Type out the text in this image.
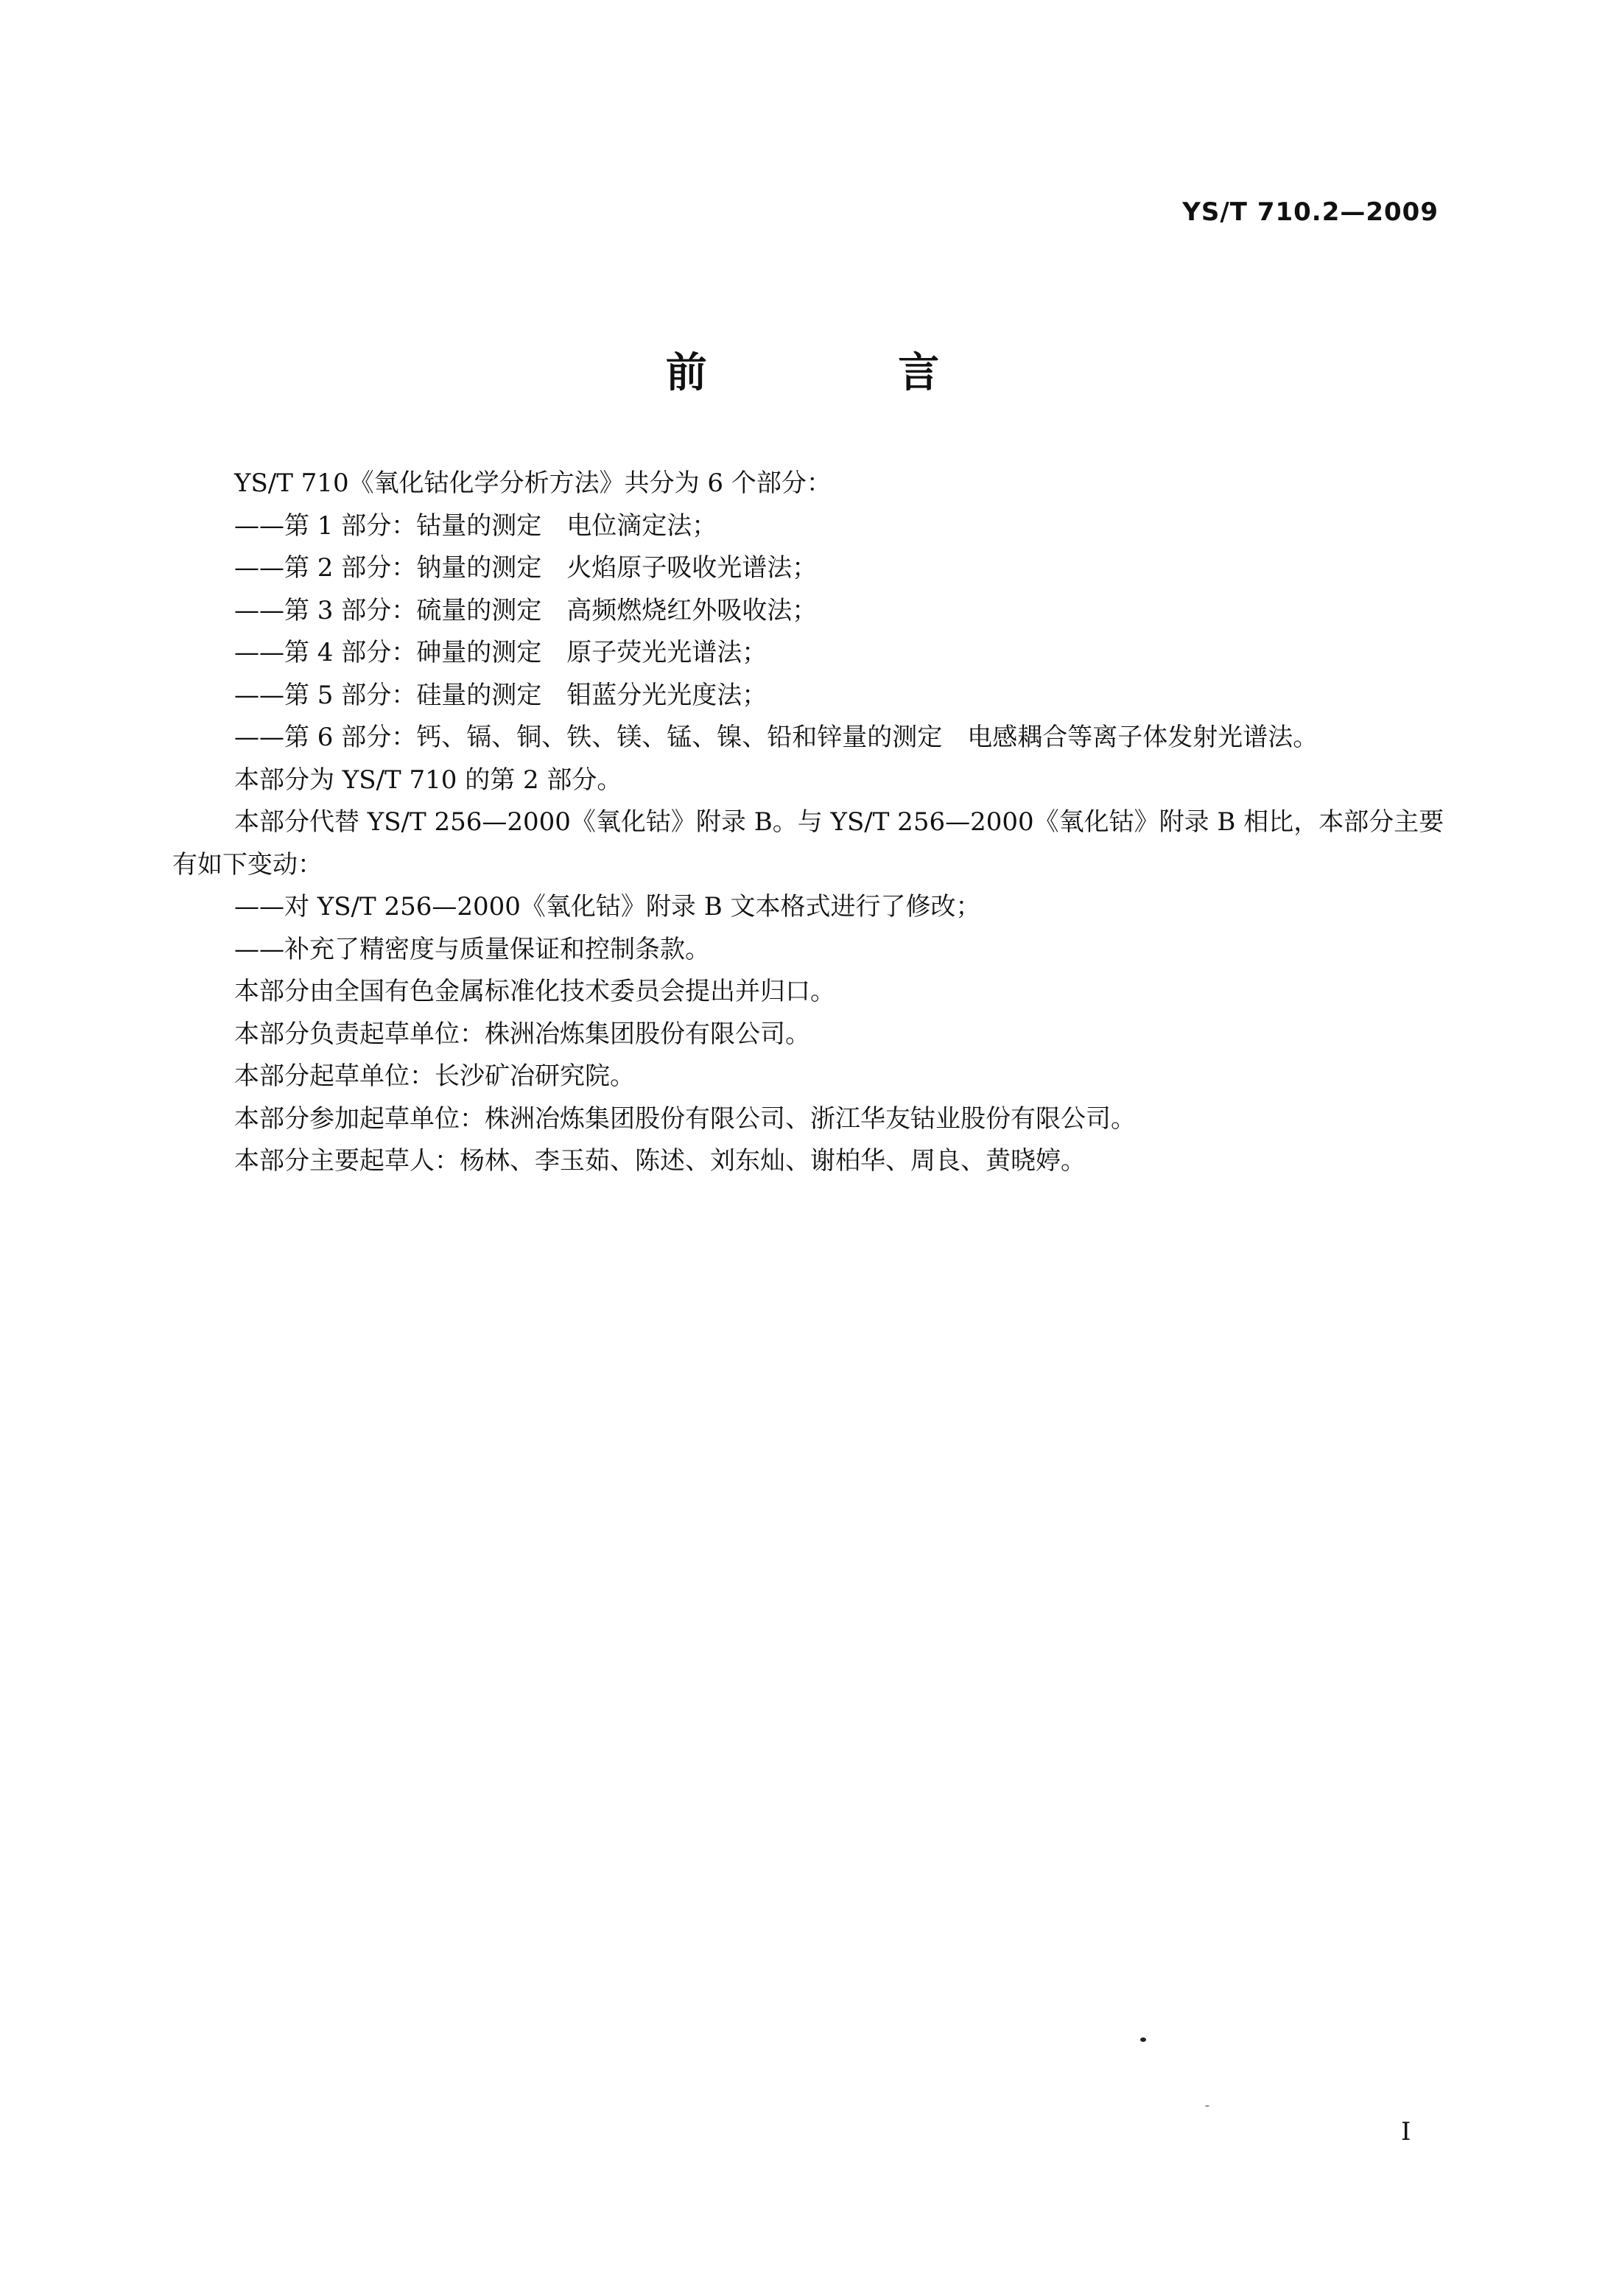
YS/T 710.2—2009
前 言

YS/T 710《氧化钴化学分析方法》共分为 6 个部分：

——第 1 部分：钴量的测定　电位滴定法；

——第 2 部分：钠量的测定　火焰原子吸收光谱法；

——第 3 部分：硫量的测定　高频燃烧红外吸收法；

——第 4 部分：砷量的测定　原子荧光光谱法；

——第 5 部分：硅量的测定　钼蓝分光光度法；

——第 6 部分：钙、镉、铜、铁、镁、锰、镍、铅和锌量的测定　电感耦合等离子体发射光谱法。

本部分为 YS/T 710 的第 2 部分。

本部分代替 YS/T 256—2000《氧化钴》附录 B。与 YS/T 256—2000《氧化钴》附录 B 相比，本部分主要有如下变动：

——对 YS/T 256—2000《氧化钴》附录 B 文本格式进行了修改；

——补充了精密度与质量保证和控制条款。

本部分由全国有色金属标准化技术委员会提出并归口。

本部分负责起草单位：株洲冶炼集团股份有限公司。

本部分起草单位：长沙矿冶研究院。

本部分参加起草单位：株洲冶炼集团股份有限公司、浙江华友钴业股份有限公司。

本部分主要起草人：杨林、李玉茹、陈述、刘东灿、谢柏华、周良、黄晓婷。

I
